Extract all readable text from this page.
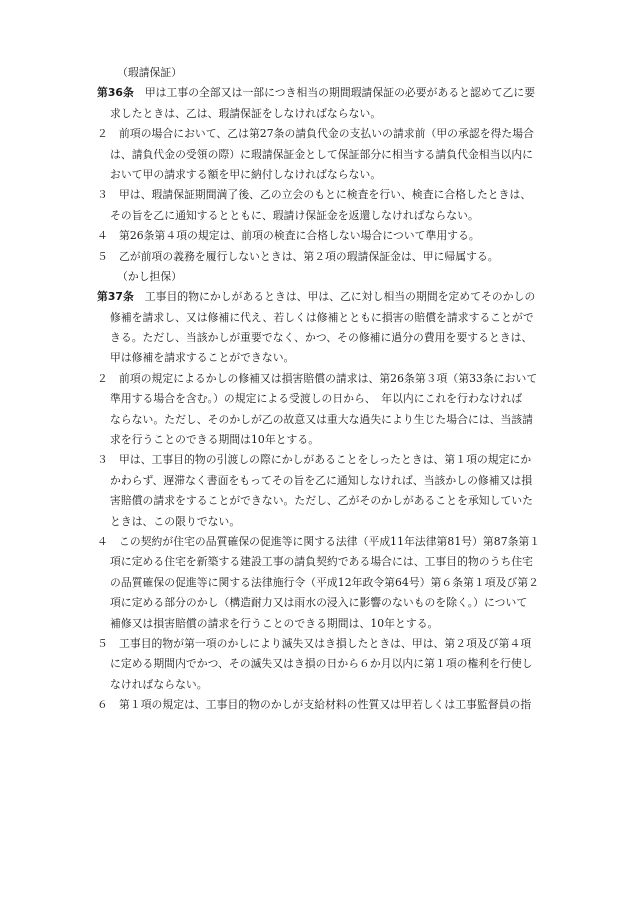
（瑕請保証）
第36条 甲は工事の全部又は一部につき相当の期間瑕請保証の必要があると認めて乙に要
求したときは、乙は、瑕請保証をしなければならない。
２ 前項の場合において、乙は第27条の請負代金の支払いの請求前（甲の承認を得た場合
は、請負代金の受領の際）に瑕請保証金として保証部分に相当する請負代金相当以内に
おいて甲の請求する額を甲に納付しなければならない。
３ 甲は、瑕請保証期間満了後、乙の立会のもとに検査を行い、検査に合格したときは、
その旨を乙に通知するとともに、瑕請け保証金を返還しなければならない。
４ 第26条第４項の規定は、前項の検査に合格しない場合について準用する。
５ 乙が前項の義務を履行しないときは、第２項の瑕請保証金は、甲に帰属する。
（かし担保）
第37条 工事目的物にかしがあるときは、甲は、乙に対し相当の期間を定めてそのかしの
修補を請求し、又は修補に代え、若しくは修補とともに損害の賠償を請求することがで
きる。ただし、当該かしが重要でなく、かつ、その修補に過分の費用を要するときは、
甲は修補を請求することができない。
２ 前項の規定によるかしの修補又は損害賠償の請求は、第26条第３項（第33条において
準用する場合を含む。）の規定による受渡しの日から、　年以内にこれを行わなければ
ならない。ただし、そのかしが乙の故意又は重大な過失により生じた場合には、当該請
求を行うことのできる期間は10年とする。
３ 甲は、工事目的物の引渡しの際にかしがあることをしったときは、第１項の規定にか
かわらず、遅滞なく書面をもってその旨を乙に通知しなければ、当該かしの修補又は損
害賠償の請求をすることができない。ただし、乙がそのかしがあることを承知していた
ときは、この限りでない。
４ この契約が住宅の品質確保の促進等に関する法律（平成11年法律第81号）第87条第１
項に定める住宅を新築する建設工事の請負契約である場合には、工事目的物のうち住宅
の品質確保の促進等に関する法律施行令（平成12年政令第64号）第６条第１項及び第２
項に定める部分のかし（構造耐力又は雨水の浸入に影響のないものを除く。）について
補修又は損害賠償の請求を行うことのできる期間は、10年とする。
５ 工事目的物が第一項のかしにより滅失又はき損したときは、甲は、第２項及び第４項
に定める期間内でかつ、その滅失又はき損の日から６か月以内に第１項の権利を行使し
なければならない。
６ 第１項の規定は、工事目的物のかしが支給材料の性質又は甲若しくは工事監督員の指
